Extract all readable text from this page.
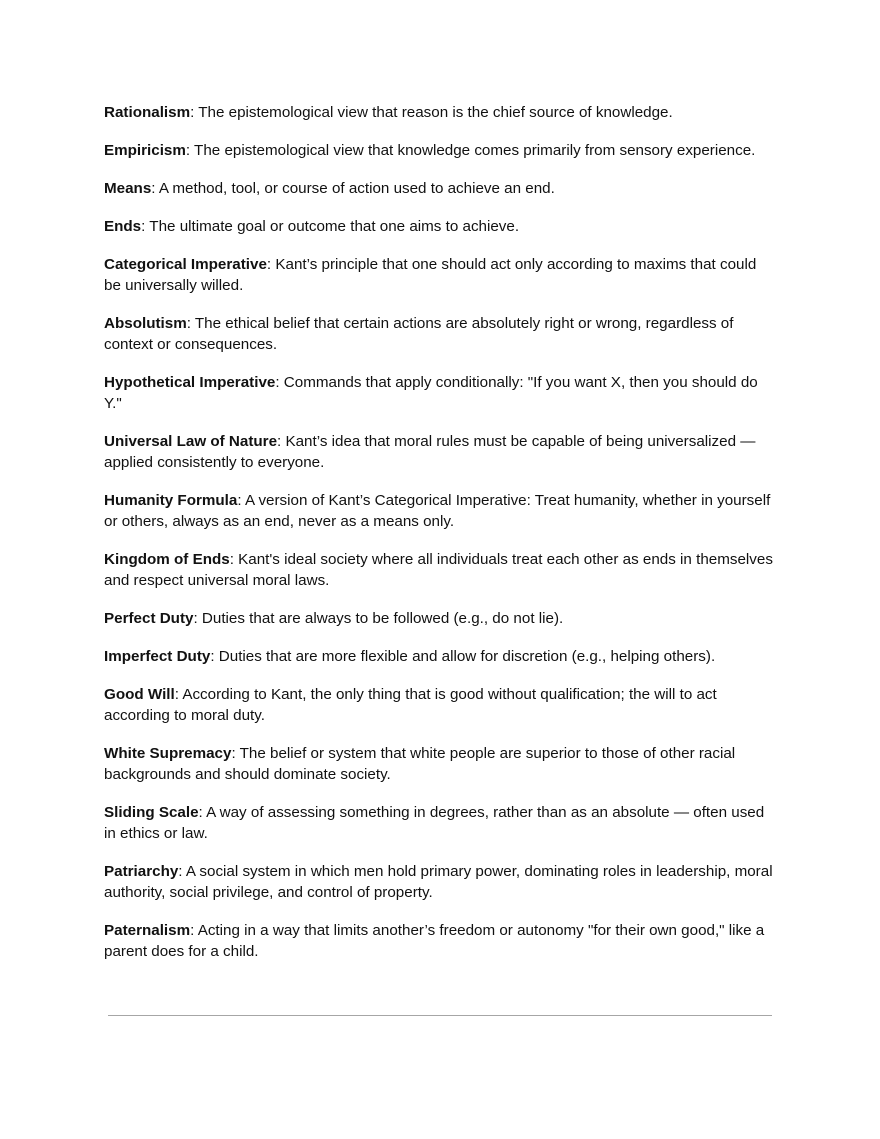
Rationalism: The epistemological view that reason is the chief source of knowledge.

Empiricism: The epistemological view that knowledge comes primarily from sensory experience.

Means: A method, tool, or course of action used to achieve an end.

Ends: The ultimate goal or outcome that one aims to achieve.

Categorical Imperative: Kant’s principle that one should act only according to maxims that could be universally willed.

Absolutism: The ethical belief that certain actions are absolutely right or wrong, regardless of context or consequences.

Hypothetical Imperative: Commands that apply conditionally: "If you want X, then you should do Y."

Universal Law of Nature: Kant’s idea that moral rules must be capable of being universalized — applied consistently to everyone.

Humanity Formula: A version of Kant’s Categorical Imperative: Treat humanity, whether in yourself or others, always as an end, never as a means only.

Kingdom of Ends: Kant's ideal society where all individuals treat each other as ends in themselves and respect universal moral laws.

Perfect Duty: Duties that are always to be followed (e.g., do not lie).

Imperfect Duty: Duties that are more flexible and allow for discretion (e.g., helping others).

Good Will: According to Kant, the only thing that is good without qualification; the will to act according to moral duty.

White Supremacy: The belief or system that white people are superior to those of other racial backgrounds and should dominate society.

Sliding Scale: A way of assessing something in degrees, rather than as an absolute — often used in ethics or law.

Patriarchy: A social system in which men hold primary power, dominating roles in leadership, moral authority, social privilege, and control of property.

Paternalism: Acting in a way that limits another’s freedom or autonomy "for their own good," like a parent does for a child.
